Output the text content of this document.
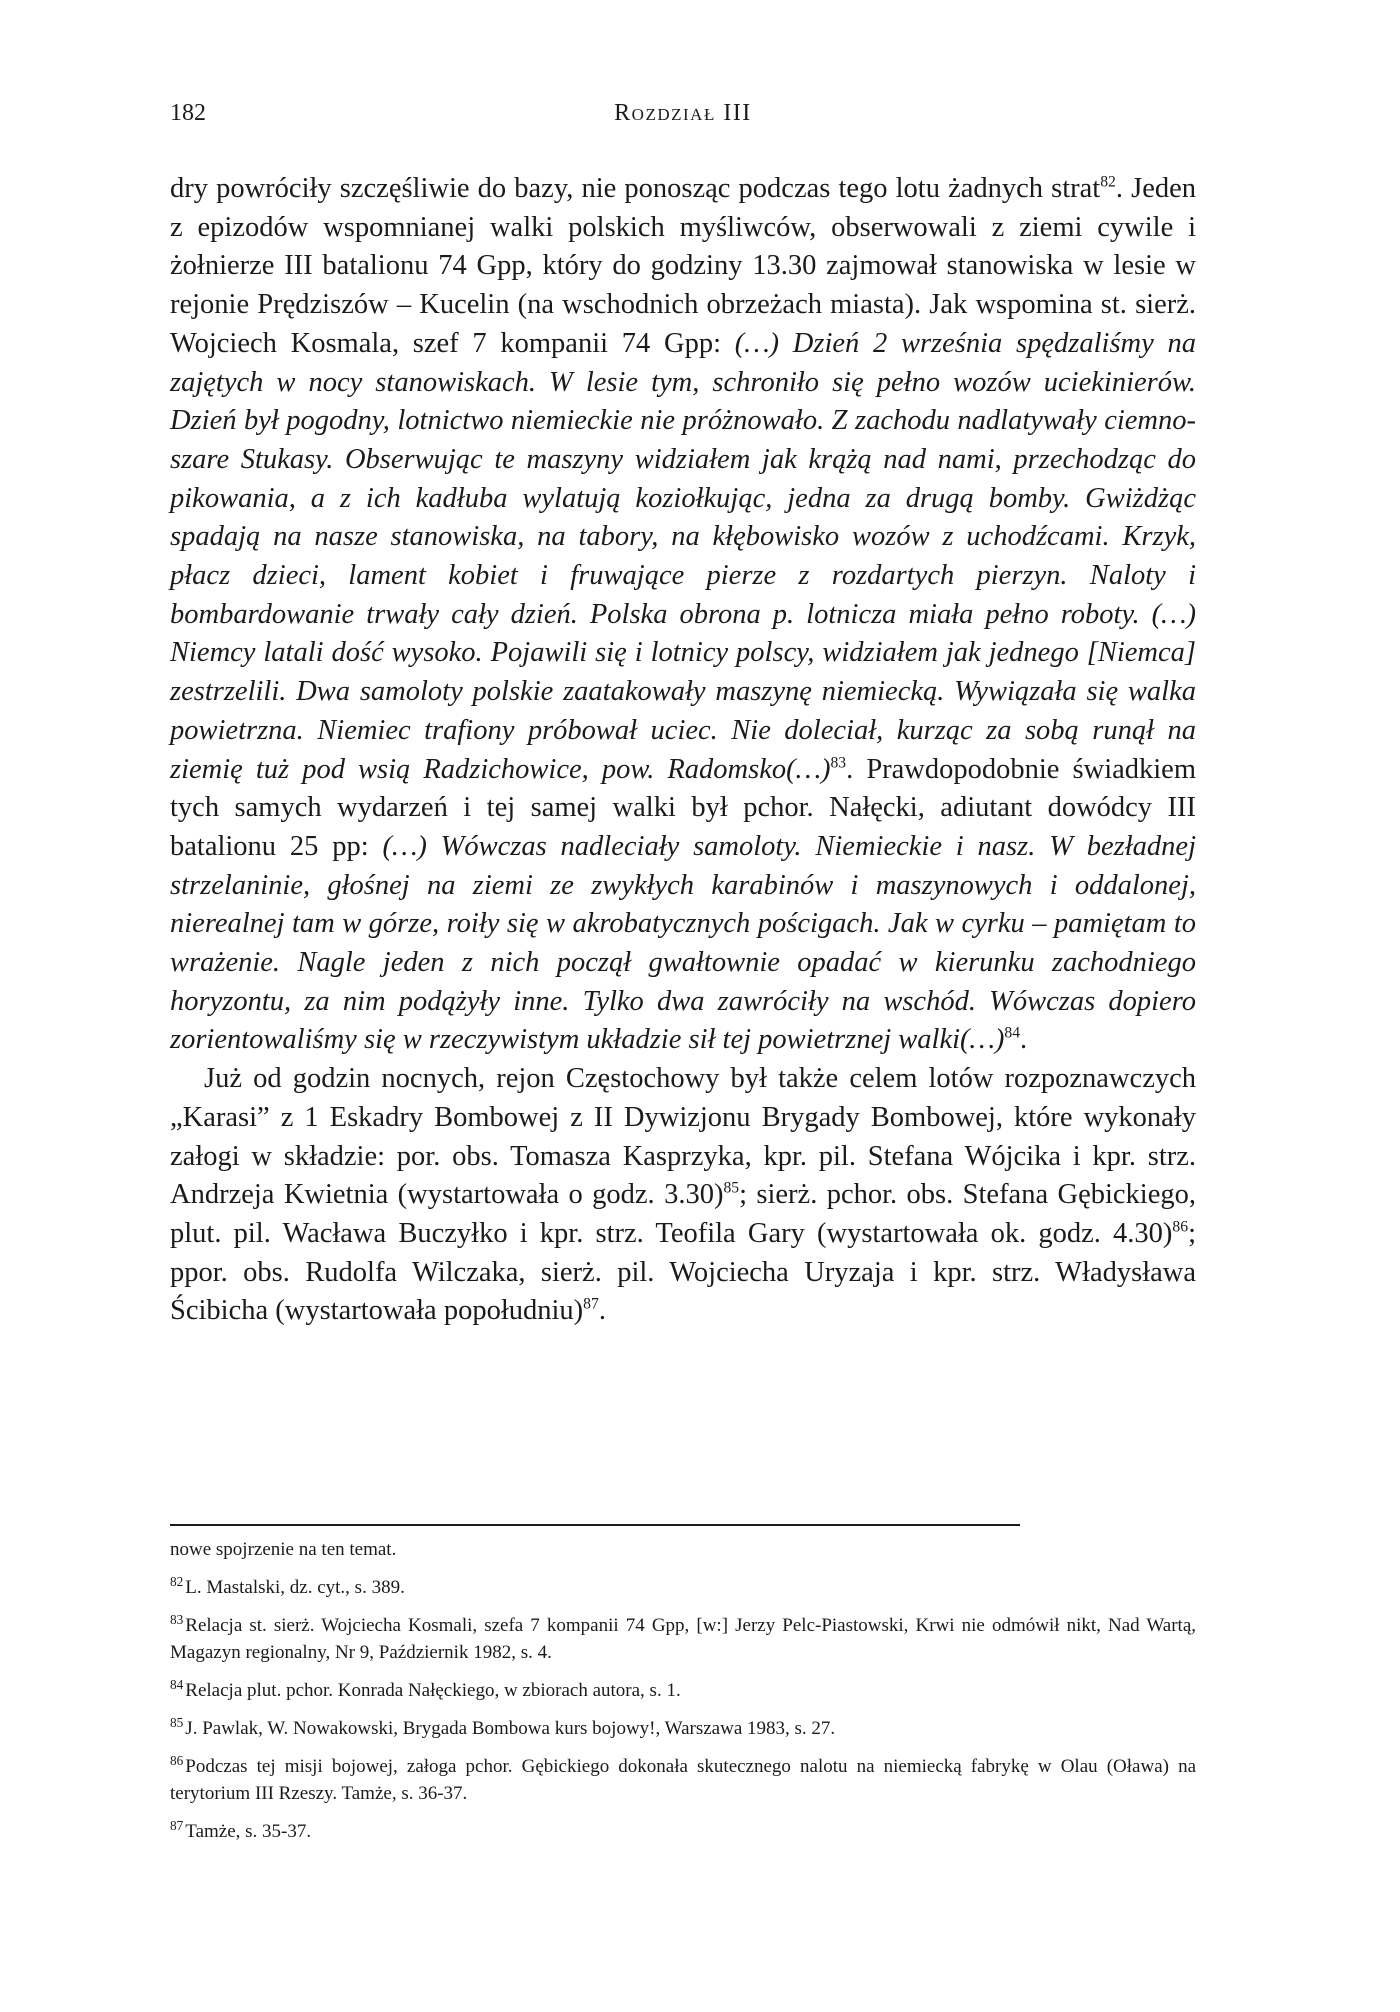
182	Rozdział III

dry powróciły szczęśliwie do bazy, nie ponosząc podczas tego lotu żadnych strat$^{82}$. Jeden z epizodów wspomnianej walki polskich myśliwców, obserwowali z ziemi cywile i żołnierze III batalionu 74 Gpp, który do godziny 13.30 zajmował stanowiska w lesie w rejonie Prędziszów – Kucelin (na wschodnich obrzeżach miasta). Jak wspomina st. sierż. Wojciech Kosmala, szef 7 kompanii 74 Gpp: (…) Dzień 2 września spędzaliśmy na zajętych w nocy stanowiskach. W lesie tym, schroniło się pełno wozów uciekinierów. Dzień był pogodny, lotnictwo niemieckie nie próżnowało. Z zachodu nadlatywały ciemno-szare Stukasy. Obserwując te maszyny widziałem jak krążą nad nami, przechodząc do pikowania, a z ich kadłuba wylatują koziołkując, jedna za drugą bomby. Gwiżdżąc spadają na nasze stanowiska, na tabory, na kłębowisko wozów z uchodźcami. Krzyk, płacz dzieci, lament kobiet i fruwające pierze z rozdartych pierzyn. Naloty i bombardowanie trwały cały dzień. Polska obrona p. lotnicza miała pełno roboty. (…) Niemcy latali dość wysoko. Pojawili się i lotnicy polscy, widziałem jak jednego [Niemca] zestrzelili. Dwa samoloty polskie zaatakowały maszynę niemiecką. Wywiązała się walka powietrzna. Niemiec trafiony próbował uciec. Nie doleciał, kurząc za sobą runął na ziemię tuż pod wsią Radzichowice, pow. Radomsko(…)$^{83}$. Prawdopodobnie świadkiem tych samych wydarzeń i tej samej walki był pchor. Nałęcki, adiutant dowódcy III batalionu 25 pp: (…) Wówczas nadleciały samoloty. Niemieckie i nasz. W bezładnej strzelaninie, głośnej na ziemi ze zwykłych karabinów i maszynowych i oddalonej, nierealnej tam w górze, roiły się w akrobatycznych pościgach. Jak w cyrku – pamiętam to wrażenie. Nagle jeden z nich począł gwałtownie opadać w kierunku zachodniego horyzontu, za nim podążyły inne. Tylko dwa zawróciły na wschód. Wówczas dopiero zorientowaliśmy się w rzeczywistym układzie sił tej powietrznej walki(…)$^{84}$.

Już od godzin nocnych, rejon Częstochowy był także celem lotów rozpoznawczych „Karasi” z 1 Eskadry Bombowej z II Dywizjonu Brygady Bombowej, które wykonały załogi w składzie: por. obs. Tomasza Kasprzyka, kpr. pil. Stefana Wójcika i kpr. strz. Andrzeja Kwietnia (wystartowała o godz. 3.30)$^{85}$; sierż. pchor. obs. Stefana Gębickiego, plut. pil. Wacława Buczyłko i kpr. strz. Teofila Gary (wystartowała ok. godz. 4.30)$^{86}$; ppor. obs. Rudolfa Wilczaka, sierż. pil. Wojciecha Uryzaja i kpr. strz. Władysława Ścibicha (wystartowała popołudniu)$^{87}$.

nowe spojrzenie na ten temat.

$^{82}$ L. Mastalski, dz. cyt., s. 389.

$^{83}$ Relacja st. sierż. Wojciecha Kosmali, szefa 7 kompanii 74 Gpp, [w:] Jerzy Pelc-Piastowski, Krwi nie odmówił nikt, Nad Wartą, Magazyn regionalny, Nr 9, Październik 1982, s. 4.

$^{84}$ Relacja plut. pchor. Konrada Nałęckiego, w zbiorach autora, s. 1.

$^{85}$ J. Pawlak, W. Nowakowski, Brygada Bombowa kurs bojowy!, Warszawa 1983, s. 27.

$^{86}$ Podczas tej misji bojowej, załoga pchor. Gębickiego dokonała skutecznego nalotu na niemiecką fabrykę w Olau (Oława) na terytorium III Rzeszy. Tamże, s. 36-37.

$^{87}$ Tamże, s. 35-37.
